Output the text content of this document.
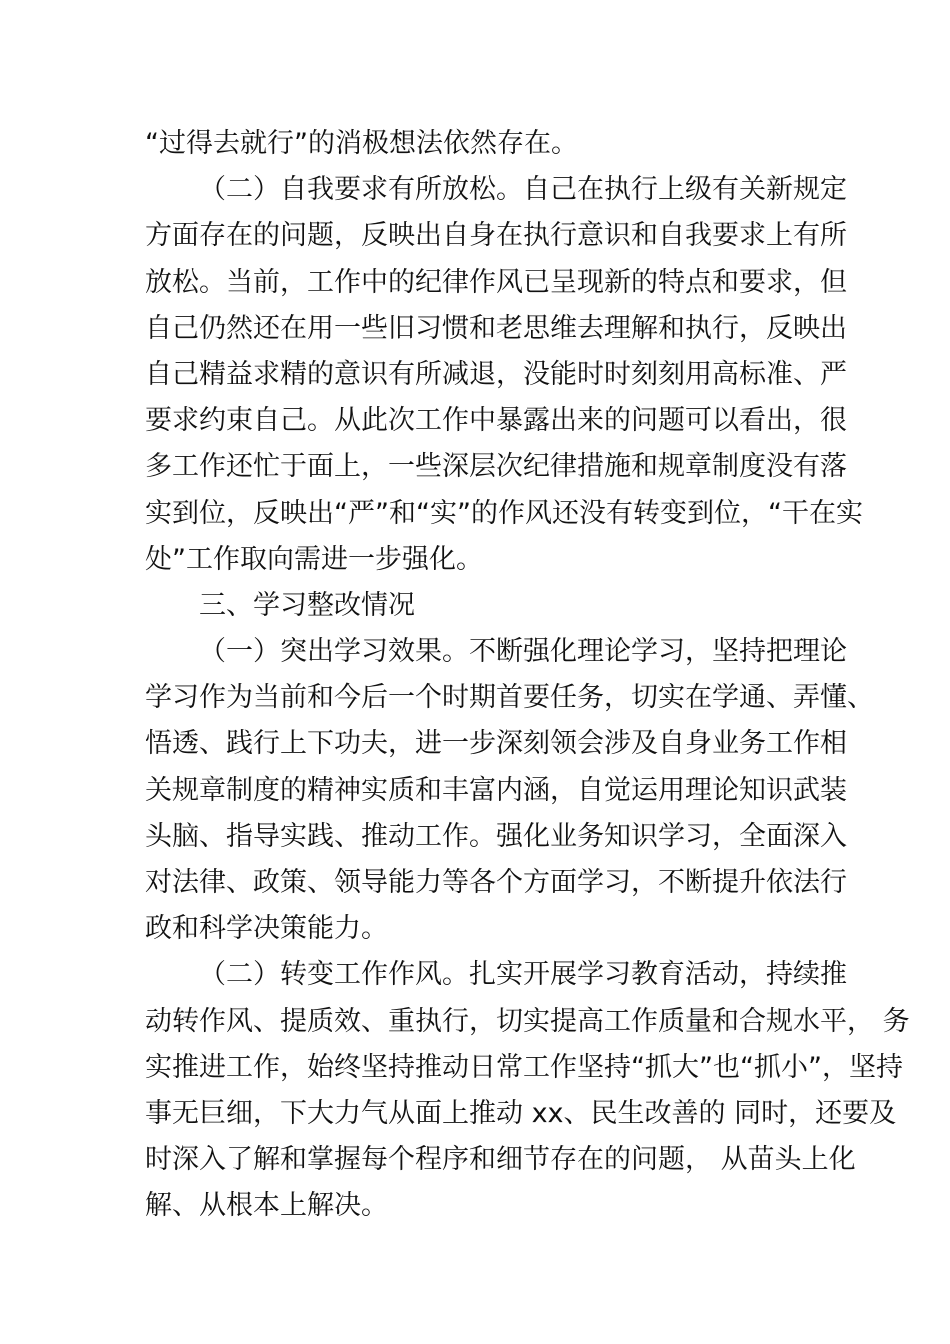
“过得去就行”的消极想法依然存在。
（二）自我要求有所放松。自己在执行上级有关新规定
方面存在的问题，反映出自身在执行意识和自我要求上有所
放松。当前，工作中的纪律作风已呈现新的特点和要求，但
自己仍然还在用一些旧习惯和老思维去理解和执行，反映出
自己精益求精的意识有所减退，没能时时刻刻用高标准、严
要求约束自己。从此次工作中暴露出来的问题可以看出，很
多工作还忙于面上，一些深层次纪律措施和规章制度没有落
实到位，反映出“严”和“实”的作风还没有转变到位，“干在实
处”工作取向需进一步强化。
三、学习整改情况
（一）突出学习效果。不断强化理论学习，坚持把理论
学习作为当前和今后一个时期首要任务，切实在学通、弄懂、
悟透、践行上下功夫，进一步深刻领会涉及自身业务工作相
关规章制度的精神实质和丰富内涵，自觉运用理论知识武装
头脑、指导实践、推动工作。强化业务知识学习，全面深入
对法律、政策、领导能力等各个方面学习，不断提升依法行
政和科学决策能力。
（二）转变工作作风。扎实开展学习教育活动，持续推
动转作风、提质效、重执行，切实提高工作质量和合规水平， 务
实推进工作，始终坚持推动日常工作坚持“抓大”也“抓小”，坚持
事无巨细，下大力气从面上推动 xx、民生改善的 同时，还要及
时深入了解和掌握每个程序和细节存在的问题， 从苗头上化
解、从根本上解决。
